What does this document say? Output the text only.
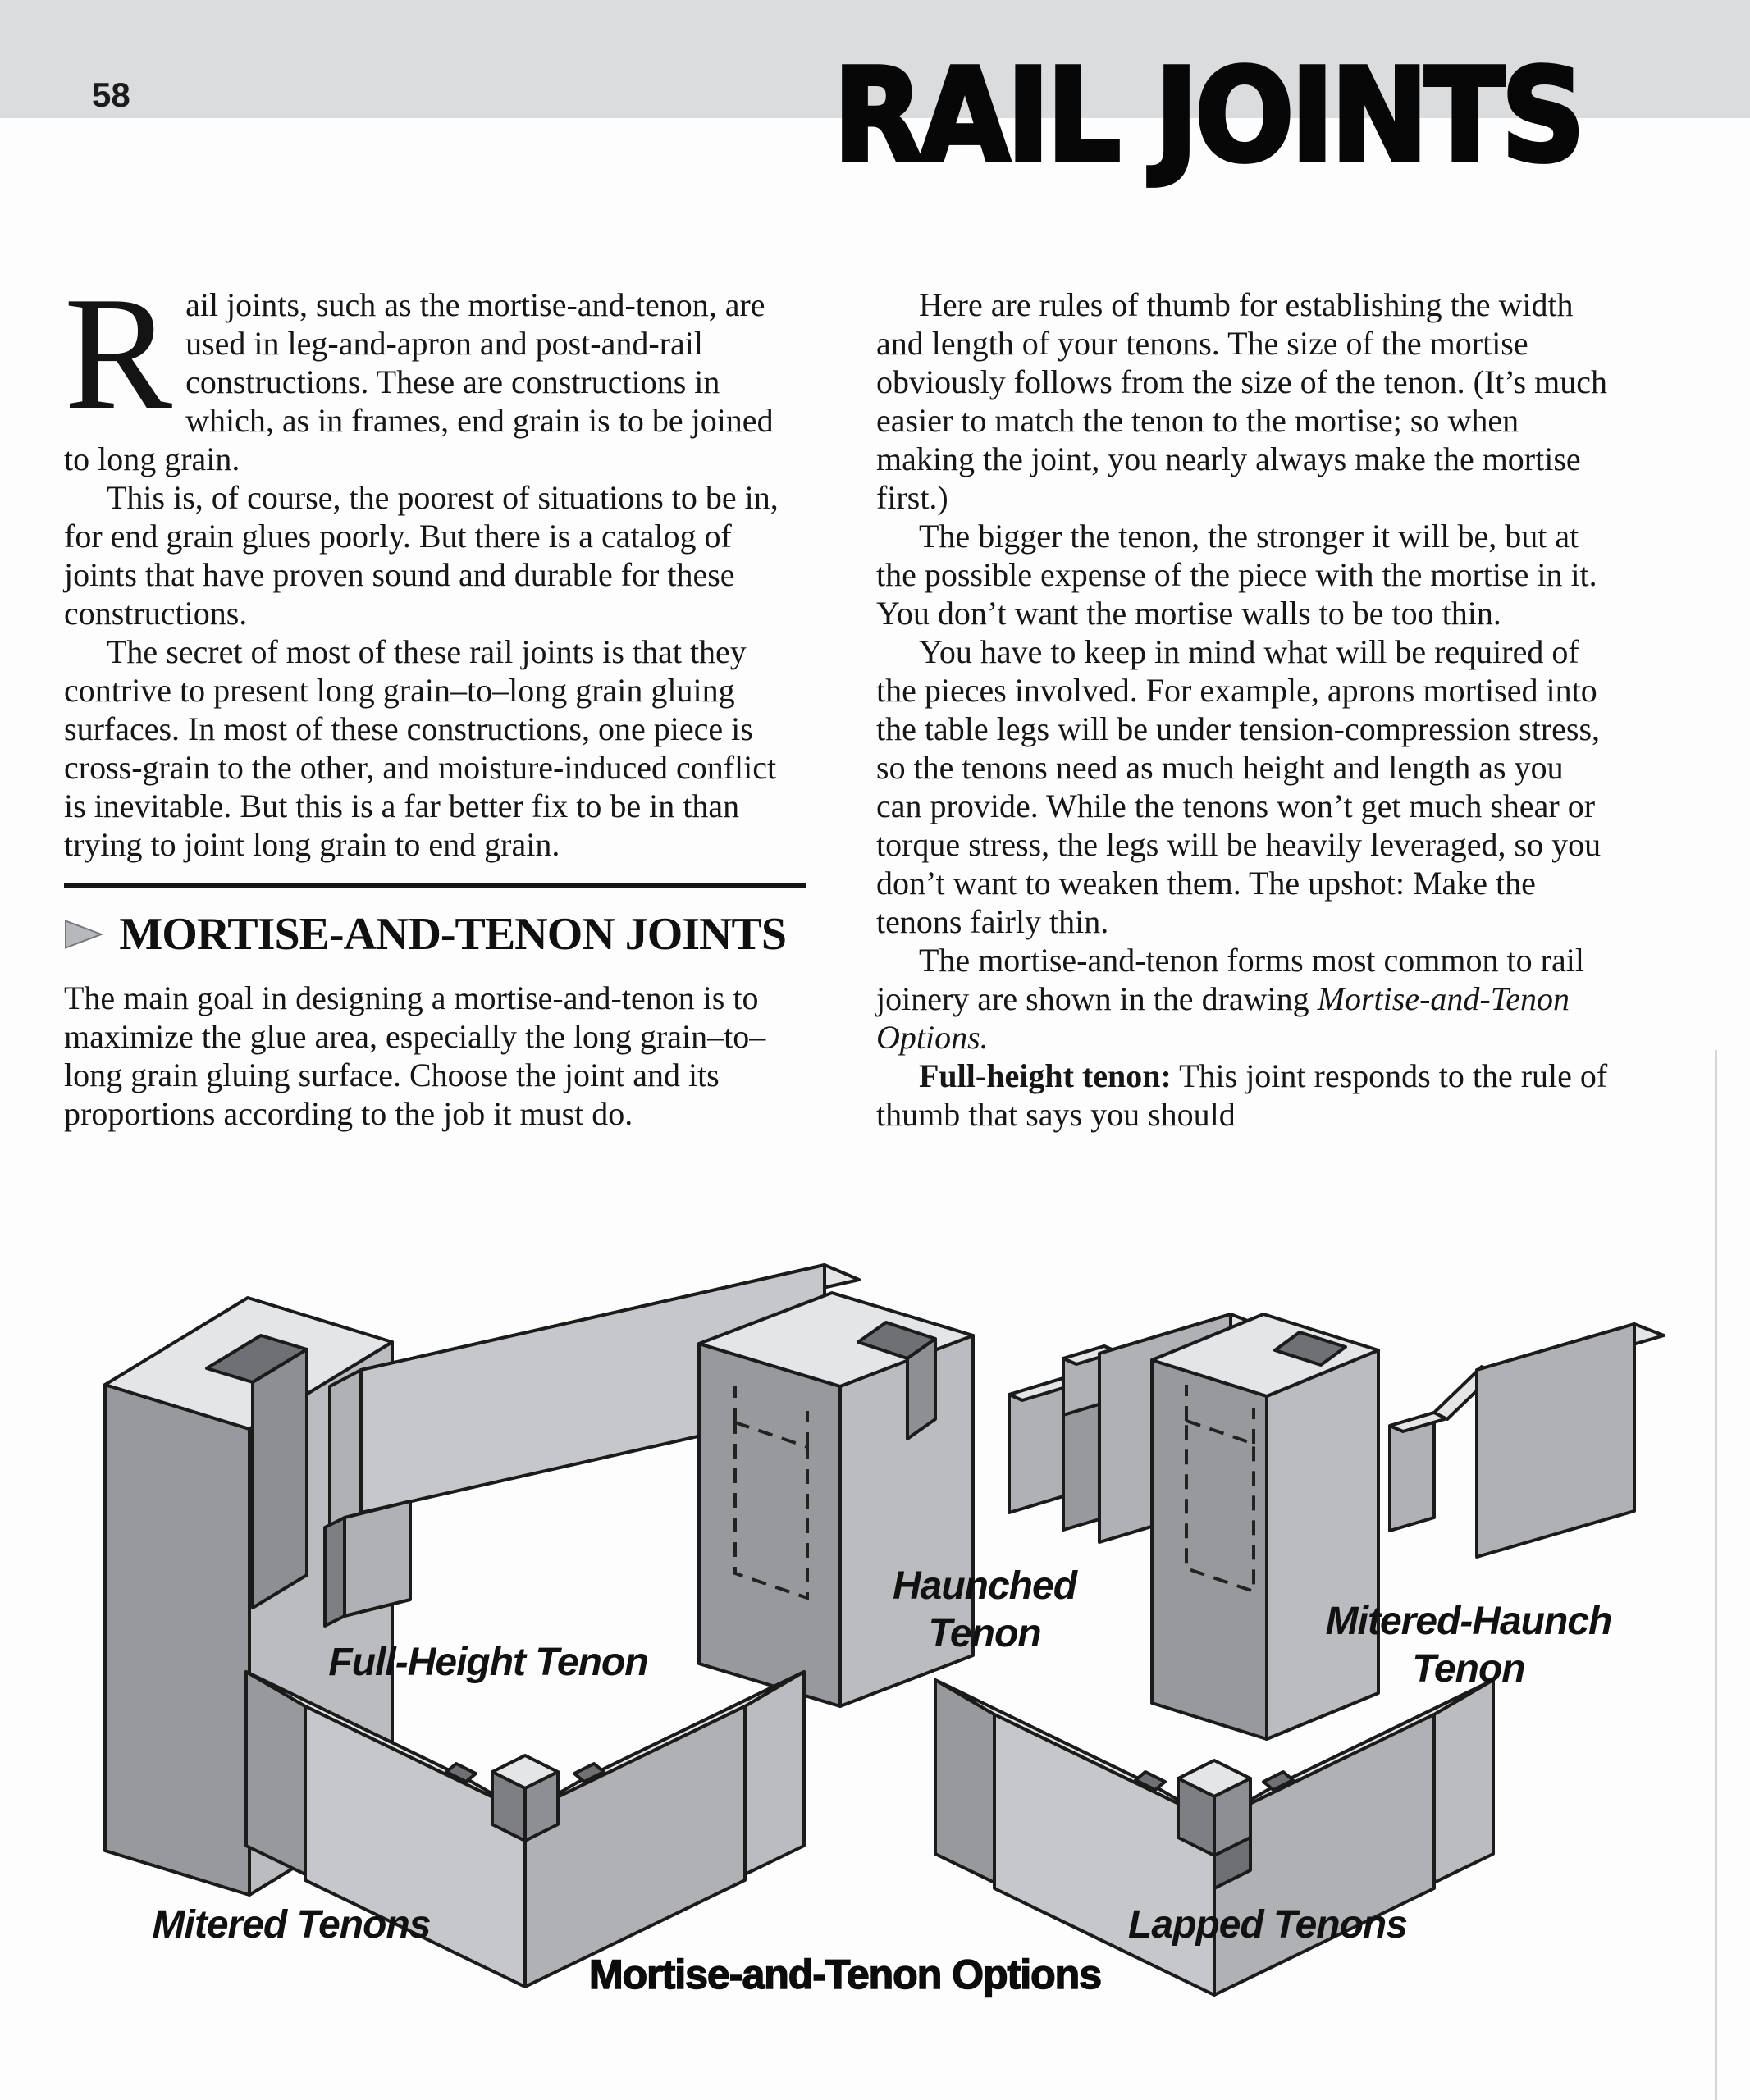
58	RAIL JOINTS

Rail joints, such as the mortise-and-tenon, are used in leg-and-apron and post-and-rail constructions. These are constructions in which, as in frames, end grain is to be joined to long grain.

This is, of course, the poorest of situations to be in, for end grain glues poorly. But there is a catalog of joints that have proven sound and durable for these constructions.

The secret of most of these rail joints is that they contrive to present long grain–to–long grain gluing surfaces. In most of these constructions, one piece is cross-grain to the other, and moisture-induced conflict is inevitable. But this is a far better fix to be in than trying to joint long grain to end grain.

MORTISE-AND-TENON JOINTS

The main goal in designing a mortise-and-tenon is to maximize the glue area, especially the long grain–to–long grain gluing surface. Choose the joint and its proportions according to the job it must do.

Here are rules of thumb for establishing the width and length of your tenons. The size of the mortise obviously follows from the size of the tenon. (It’s much easier to match the tenon to the mortise; so when making the joint, you nearly always make the mortise first.)

The bigger the tenon, the stronger it will be, but at the possible expense of the piece with the mortise in it. You don’t want the mortise walls to be too thin.

You have to keep in mind what will be required of the pieces involved. For example, aprons mortised into the table legs will be under tension-compression stress, so the tenons need as much height and length as you can provide. While the tenons won’t get much shear or torque stress, the legs will be heavily leveraged, so you don’t want to weaken them. The upshot: Make the tenons fairly thin.

The mortise-and-tenon forms most common to rail joinery are shown in the drawing Mortise-and-Tenon Options.

Full-height tenon: This joint responds to the rule of thumb that says you should

Full-Height Tenon
Haunched
Tenon	Mitered-Haunch
Tenon
Mitered Tenons	Lapped Tenons
Mortise-and-Tenon Options
